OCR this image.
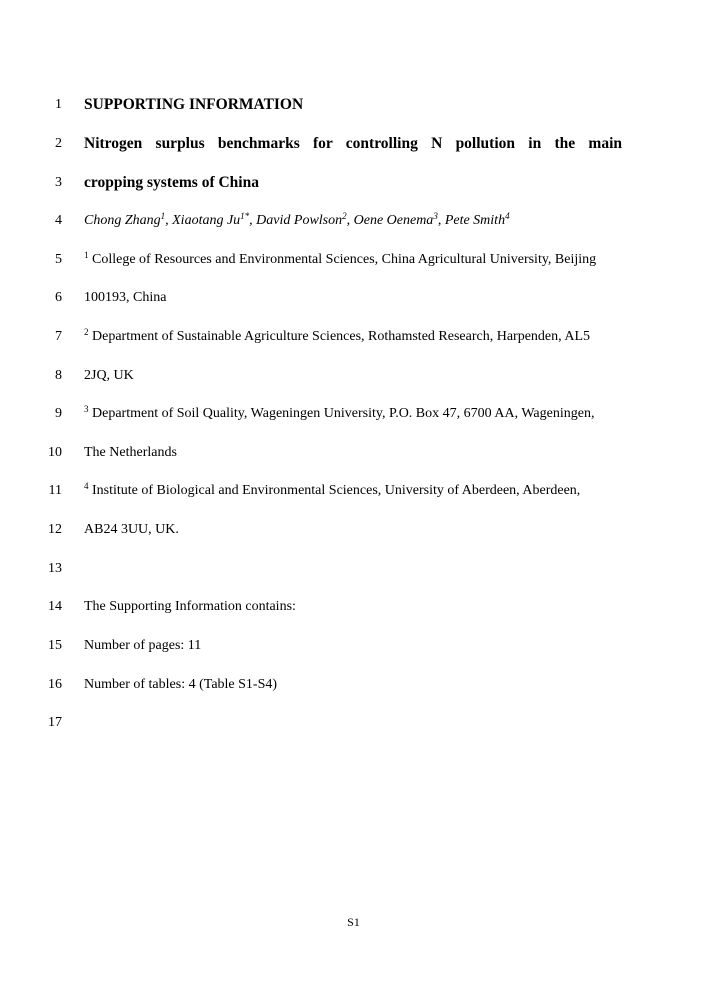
1 SUPPORTING INFORMATION
2 Nitrogen surplus benchmarks for controlling N pollution in the main
3 cropping systems of China
4 Chong Zhang$^1$, Xiaotang $Ju^{1*}$, David Powlson$^2$, Oene Oenema$^3$, Pete Smith$^4$
5 $^1$ College of Resources and Environmental Sciences, China Agricultural University, Beijing
6 100193, China
7 $^2$ Department of Sustainable Agriculture Sciences, Rothamsted Research, Harpenden, AL5
8 2JQ, UK
9 $^3$ Department of Soil Quality, Wageningen University, P.O. Box 47, 6700 AA, Wageningen,
10 The Netherlands
11 $^4$ Institute of Biological and Environmental Sciences, University of Aberdeen, Aberdeen,
12 AB24 3UU, UK.
13
14 The Supporting Information contains:
15 Number of pages: 11
16 Number of tables: 4 (Table S1-S4)
17
S1
